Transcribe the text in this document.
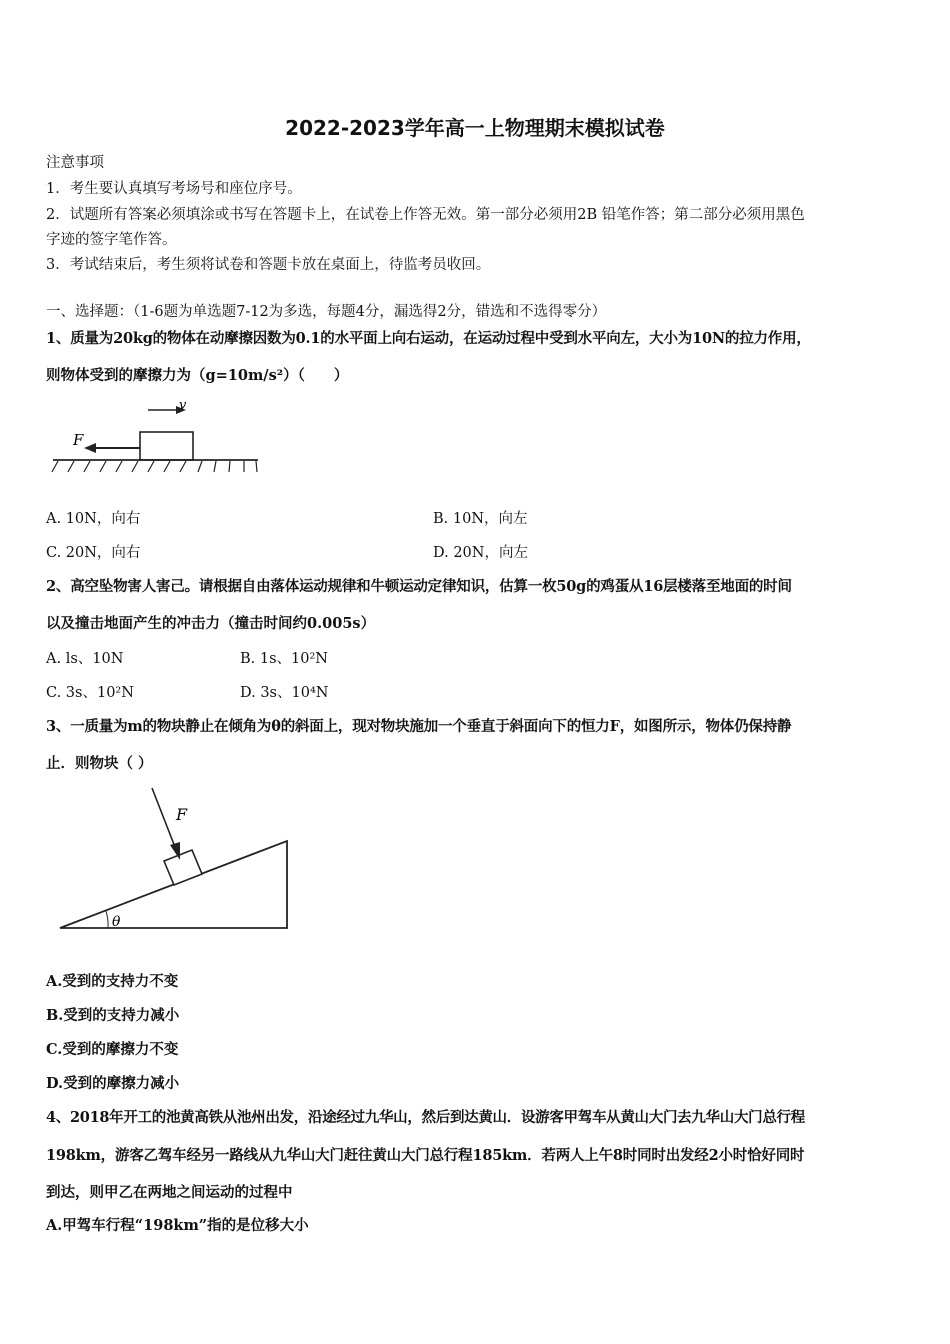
2022-2023学年高一上物理期末模拟试卷
注意事项
1．考生要认真填写考场号和座位序号。
2．试题所有答案必须填涂或书写在答题卡上，在试卷上作答无效。第一部分必须用2B 铅笔作答；第二部分必须用黑色
字迹的签字笔作答。
3．考试结束后，考生须将试卷和答题卡放在桌面上，待监考员收回。
一、选择题：（1-6题为单选题7-12为多选，每题4分，漏选得2分，错选和不选得零分）
1、质量为20kg的物体在动摩擦因数为0.1的水平面上向右运动，在运动过程中受到水平向左，大小为10N的拉力作用，
则物体受到的摩擦力为（g=10m/s²）（　　）
v
F
A. 10N，向右	B. 10N，向左
C. 20N，向右	D. 20N，向左
2、高空坠物害人害己。请根据自由落体运动规律和牛顿运动定律知识，估算一枚50g的鸡蛋从16层楼落至地面的时间
以及撞击地面产生的冲击力（撞击时间约0.005s）
A. ls、10N	B. 1s、10²N
C. 3s、10²N	D. 3s、10⁴N
3、一质量为m的物块静止在倾角为θ的斜面上，现对物块施加一个垂直于斜面向下的恒力F，如图所示，物体仍保持静
止．则物块（ ）
F
θ
A.受到的支持力不变
B.受到的支持力减小
C.受到的摩擦力不变
D.受到的摩擦力减小
4、2018年开工的池黄高铁从池州出发，沿途经过九华山，然后到达黄山．设游客甲驾车从黄山大门去九华山大门总行程
198km，游客乙驾车经另一路线从九华山大门赶往黄山大门总行程185km．若两人上午8时同时出发经2小时恰好同时
到达，则甲乙在两地之间运动的过程中
A.甲驾车行程“198km”指的是位移大小
